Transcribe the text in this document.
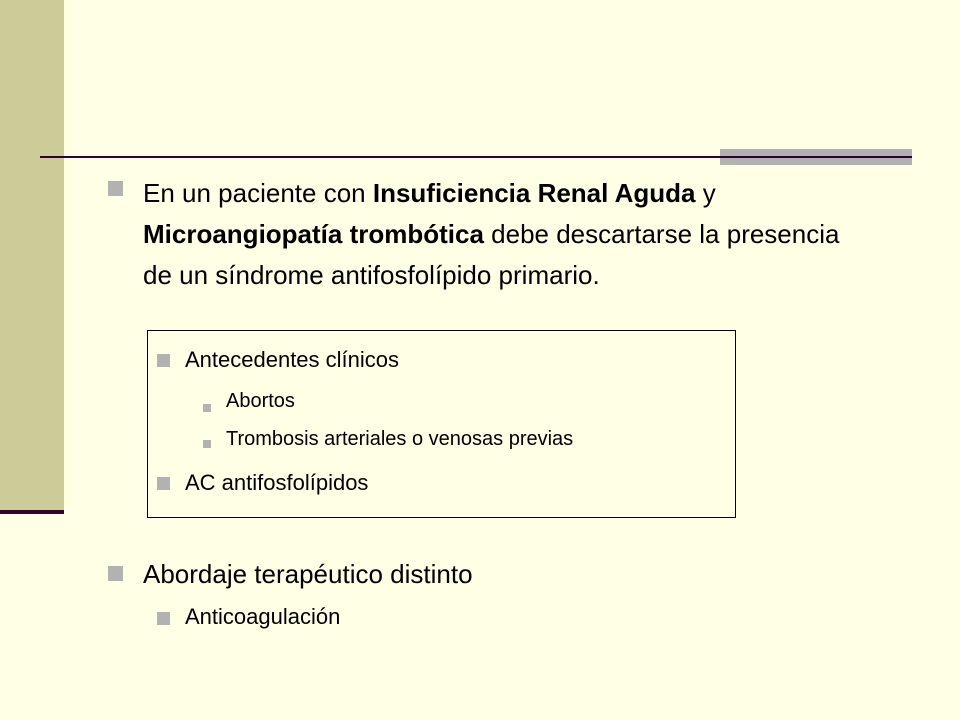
En un paciente con Insuficiencia Renal Aguda y Microangiopatía trombótica debe descartarse la presencia de un síndrome antifosfolípido primario.
Antecedentes clínicos
Abortos
Trombosis arteriales o venosas previas
AC antifosfolípidos
Abordaje terapéutico distinto
Anticoagulación
